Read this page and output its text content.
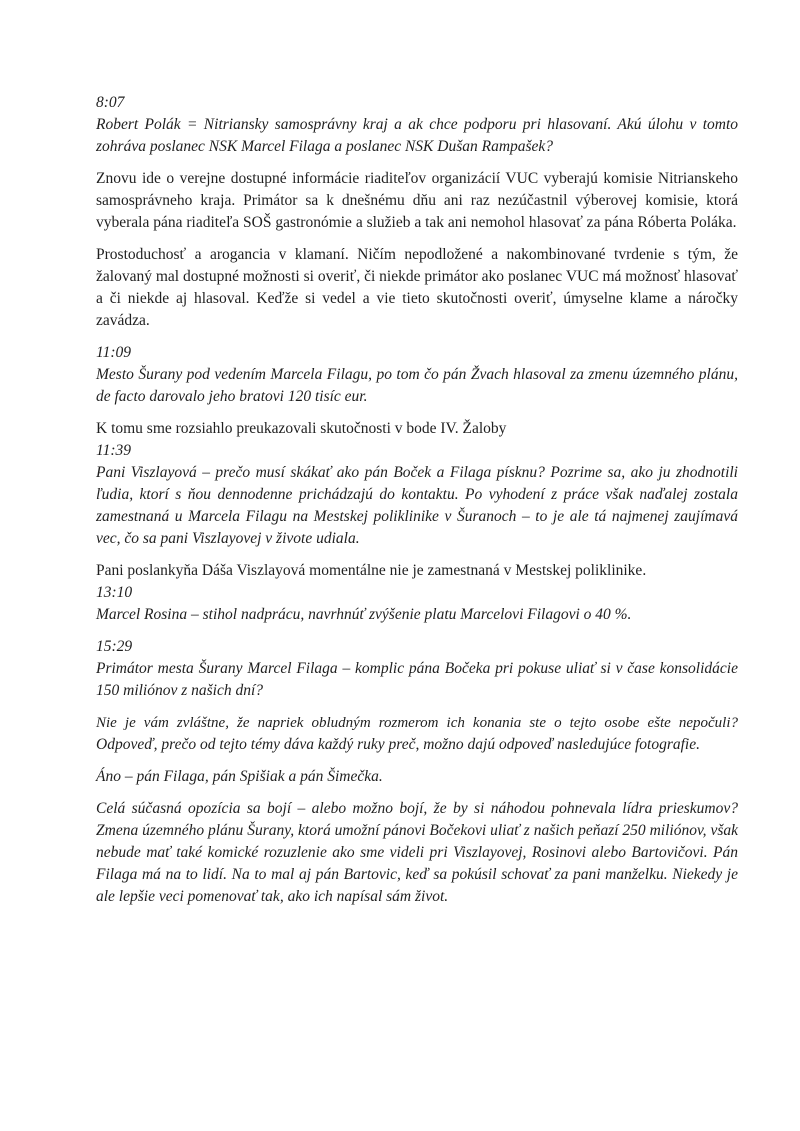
8:07

Robert Polák = Nitriansky samosprávny kraj a ak chce podporu pri hlasovaní. Akú úlohu v tomto zohráva poslanec NSK Marcel Filaga a poslanec NSK Dušan Rampašek?

Znovu ide o verejne dostupné informácie riaditeľov organizácií VUC vyberajú komisie Nitrianskeho samosprávneho kraja. Primátor sa k dnešnému dňu ani raz nezúčastnil výberovej komisie, ktorá vyberala pána riaditeľa SOŠ gastronómie a služieb a tak ani nemohol hlasovať za pána Róberta Poláka.

Prostoduchosť a arogancia v klamaní. Ničím nepodložené a nakombinované tvrdenie s tým, že žalovaný mal dostupné možnosti si overiť, či niekde primátor ako poslanec VUC má možnosť hlasovať a či niekde aj hlasoval. Keďže si vedel a vie tieto skutočnosti overiť, úmyselne klame a náročky zavádza.

11:09

Mesto Šurany pod vedením Marcela Filagu, po tom čo pán Žvach hlasoval za zmenu územného plánu, de facto darovalo jeho bratovi 120 tisíc eur.

K tomu sme rozsiahlo preukazovali skutočnosti v bode IV. Žaloby

11:39

Pani Viszlayová – prečo musí skákať ako pán Boček a Filaga písknu? Pozrime sa, ako ju zhodnotili ľudia, ktorí s ňou dennodenne prichádzajú do kontaktu. Po vyhodení z práce však naďalej zostala zamestnaná u Marcela Filagu na Mestskej poliklinike v Šuranoch – to je ale tá najmenej zaujímavá vec, čo sa pani Viszlayovej v živote udiala.

Pani poslankyňa Dáša Viszlayová momentálne nie je zamestnaná v Mestskej poliklinike.

13:10

Marcel Rosina – stihol nadprácu, navrhnúť zvýšenie platu Marcelovi Filagovi o 40 %.

15:29

Primátor mesta Šurany Marcel Filaga – komplic pána Bočeka pri pokuse uliať si v čase konsolidácie 150 miliónov z našich dní?

Nie je vám zvláštne, že napriek obludným rozmerom ich konania ste o tejto osobe ešte nepočuli?

Odpoveď, prečo od tejto témy dáva každý ruky preč, možno dajú odpoveď nasledujúce fotografie.

Áno – pán Filaga, pán Spišiak a pán Šimečka.

Celá súčasná opozícia sa bojí – alebo možno bojí, že by si náhodou pohnevala lídra prieskumov? Zmena územného plánu Šurany, ktorá umožní pánovi Bočekovi uliať z našich peňazí 250 miliónov, však nebude mať také komické rozuzlenie ako sme videli pri Viszlayovej, Rosinovi alebo Bartovičovi. Pán Filaga má na to lidí. Na to mal aj pán Bartovic, keď sa pokúsil schovať za pani manželku. Niekedy je ale lepšie veci pomenovať tak, ako ich napísal sám život.
